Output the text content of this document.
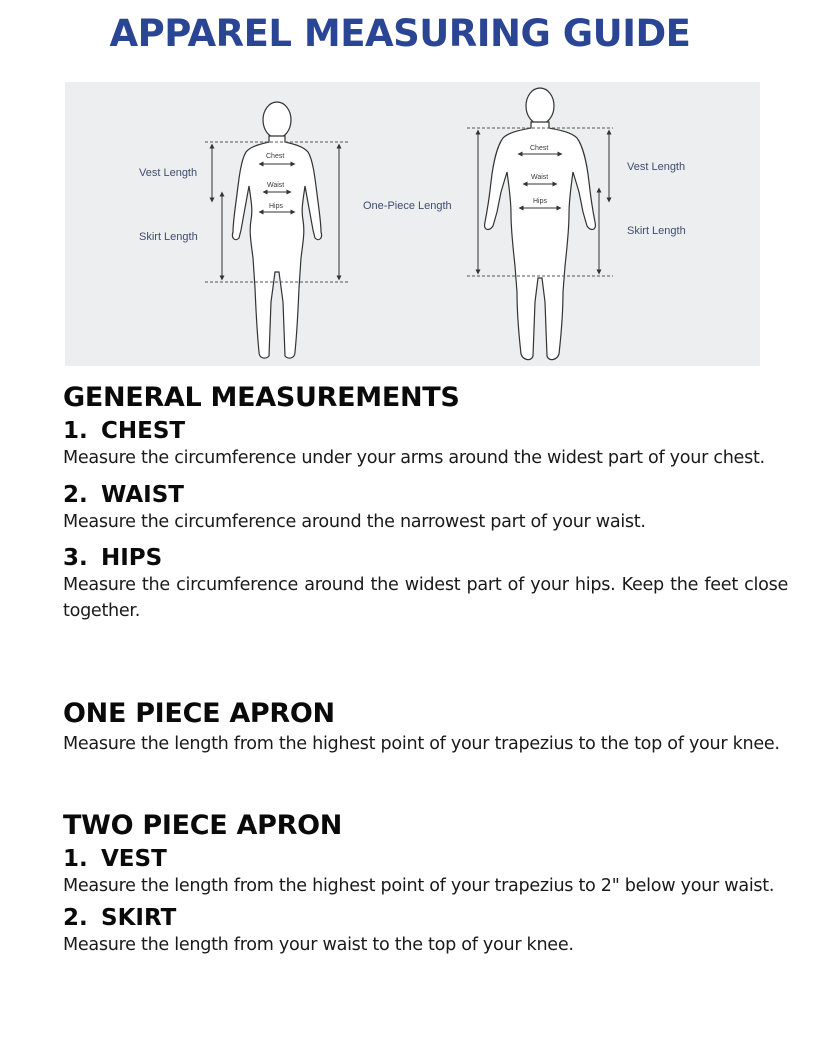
APPAREL MEASURING GUIDE
Vest Length
Skirt Length
Chest
Waist
Hips	One-Piece Length
Chest
Waist
Hips
Vest Length
Skirt Length
GENERAL MEASUREMENTS
1. CHEST

Measure the circumference under your arms around the widest part of your chest.

2. WAIST

Measure the circumference around the narrowest part of your waist.

3. HIPS

Measure the circumference around the widest part of your hips. Keep the feet close together.

ONE PIECE APRON

Measure the length from the highest point of your trapezius to the top of your knee.

TWO PIECE APRON
1. VEST

Measure the length from the highest point of your trapezius to 2" below your waist.

2. SKIRT

Measure the length from your waist to the top of your knee.
